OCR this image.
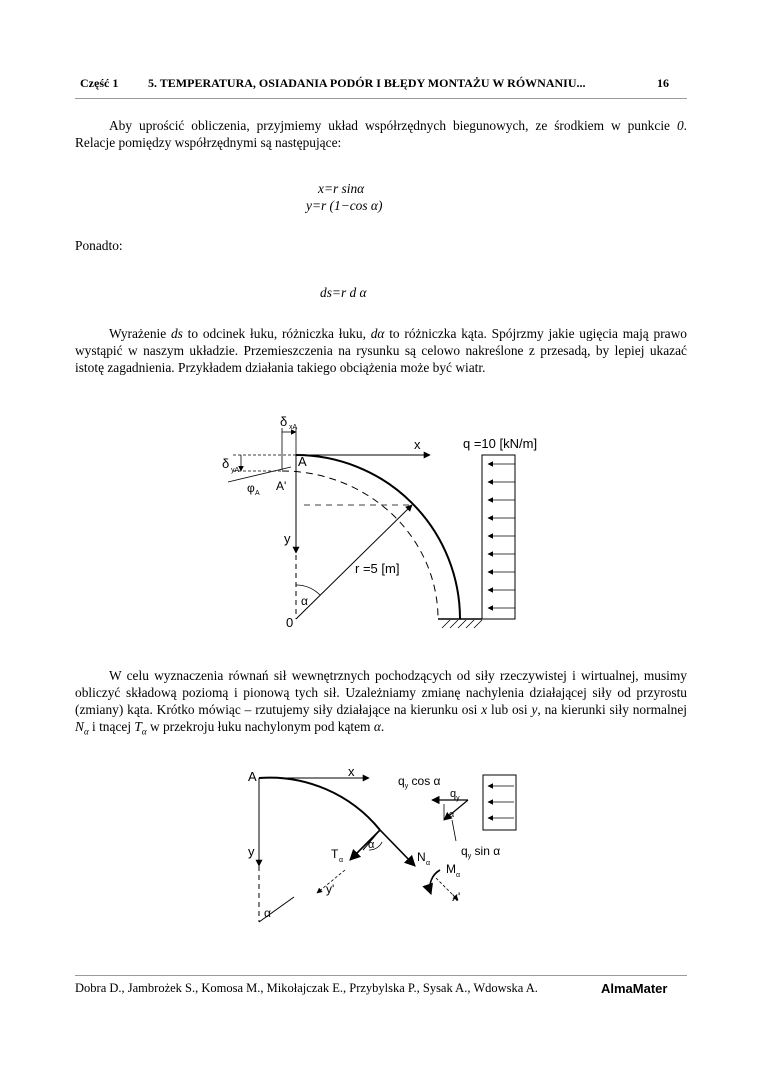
Część 1 5. TEMPERATURA, OSIADANIA PODÓR I BŁĘDY MONTAŻU W RÓWNANIU...	16

Aby uprościć obliczenia, przyjmiemy układ współrzędnych biegunowych, ze środkiem w punkcie 0. Relacje pomiędzy współrzędnymi są następujące:

x=r sinα
y=r (1−cos α)
Ponadto:
ds=r d α

Wyrażenie ds to odcinek łuku, różniczka łuku, dα to różniczka kąta. Spójrzmy jakie ugięcia mają prawo wystąpić w naszym układzie. Przemieszczenia na rysunku są celowo nakreślone z przesadą, by lepiej ukazać istotę zagadnienia. Przykładem działania takiego obciążenia może być wiatr.

δ xA
δ yA
φ A
A'
x
y
0
A
r =5 [m]
α
q =10 [kN/m]

W celu wyznaczenia równań sił wewnętrznych pochodzących od siły rzeczywistej i wirtualnej, musimy obliczyć składową poziomą i pionową tych sił. Uzależniamy zmianę nachylenia działającej siły od przyrostu (zmiany) kąta. Krótko mówiąc – rzutujemy siły działające na kierunku osi x lub osi y, na kierunki siły normalnej $N_\alpha$ i tnącej $T_\alpha$ w przekroju łuku nachylonym pod kątem α.

A	x
y
α
α
T α	N α
y'
M α
x'
$q_y$ cos α
$q_y$
α
$q_y$ sin α
Dobra D., Jambrożek S., Komosa M., Mikołajczak E., Przybylska P., Sysak A., Wdowska A.	AlmaMater
